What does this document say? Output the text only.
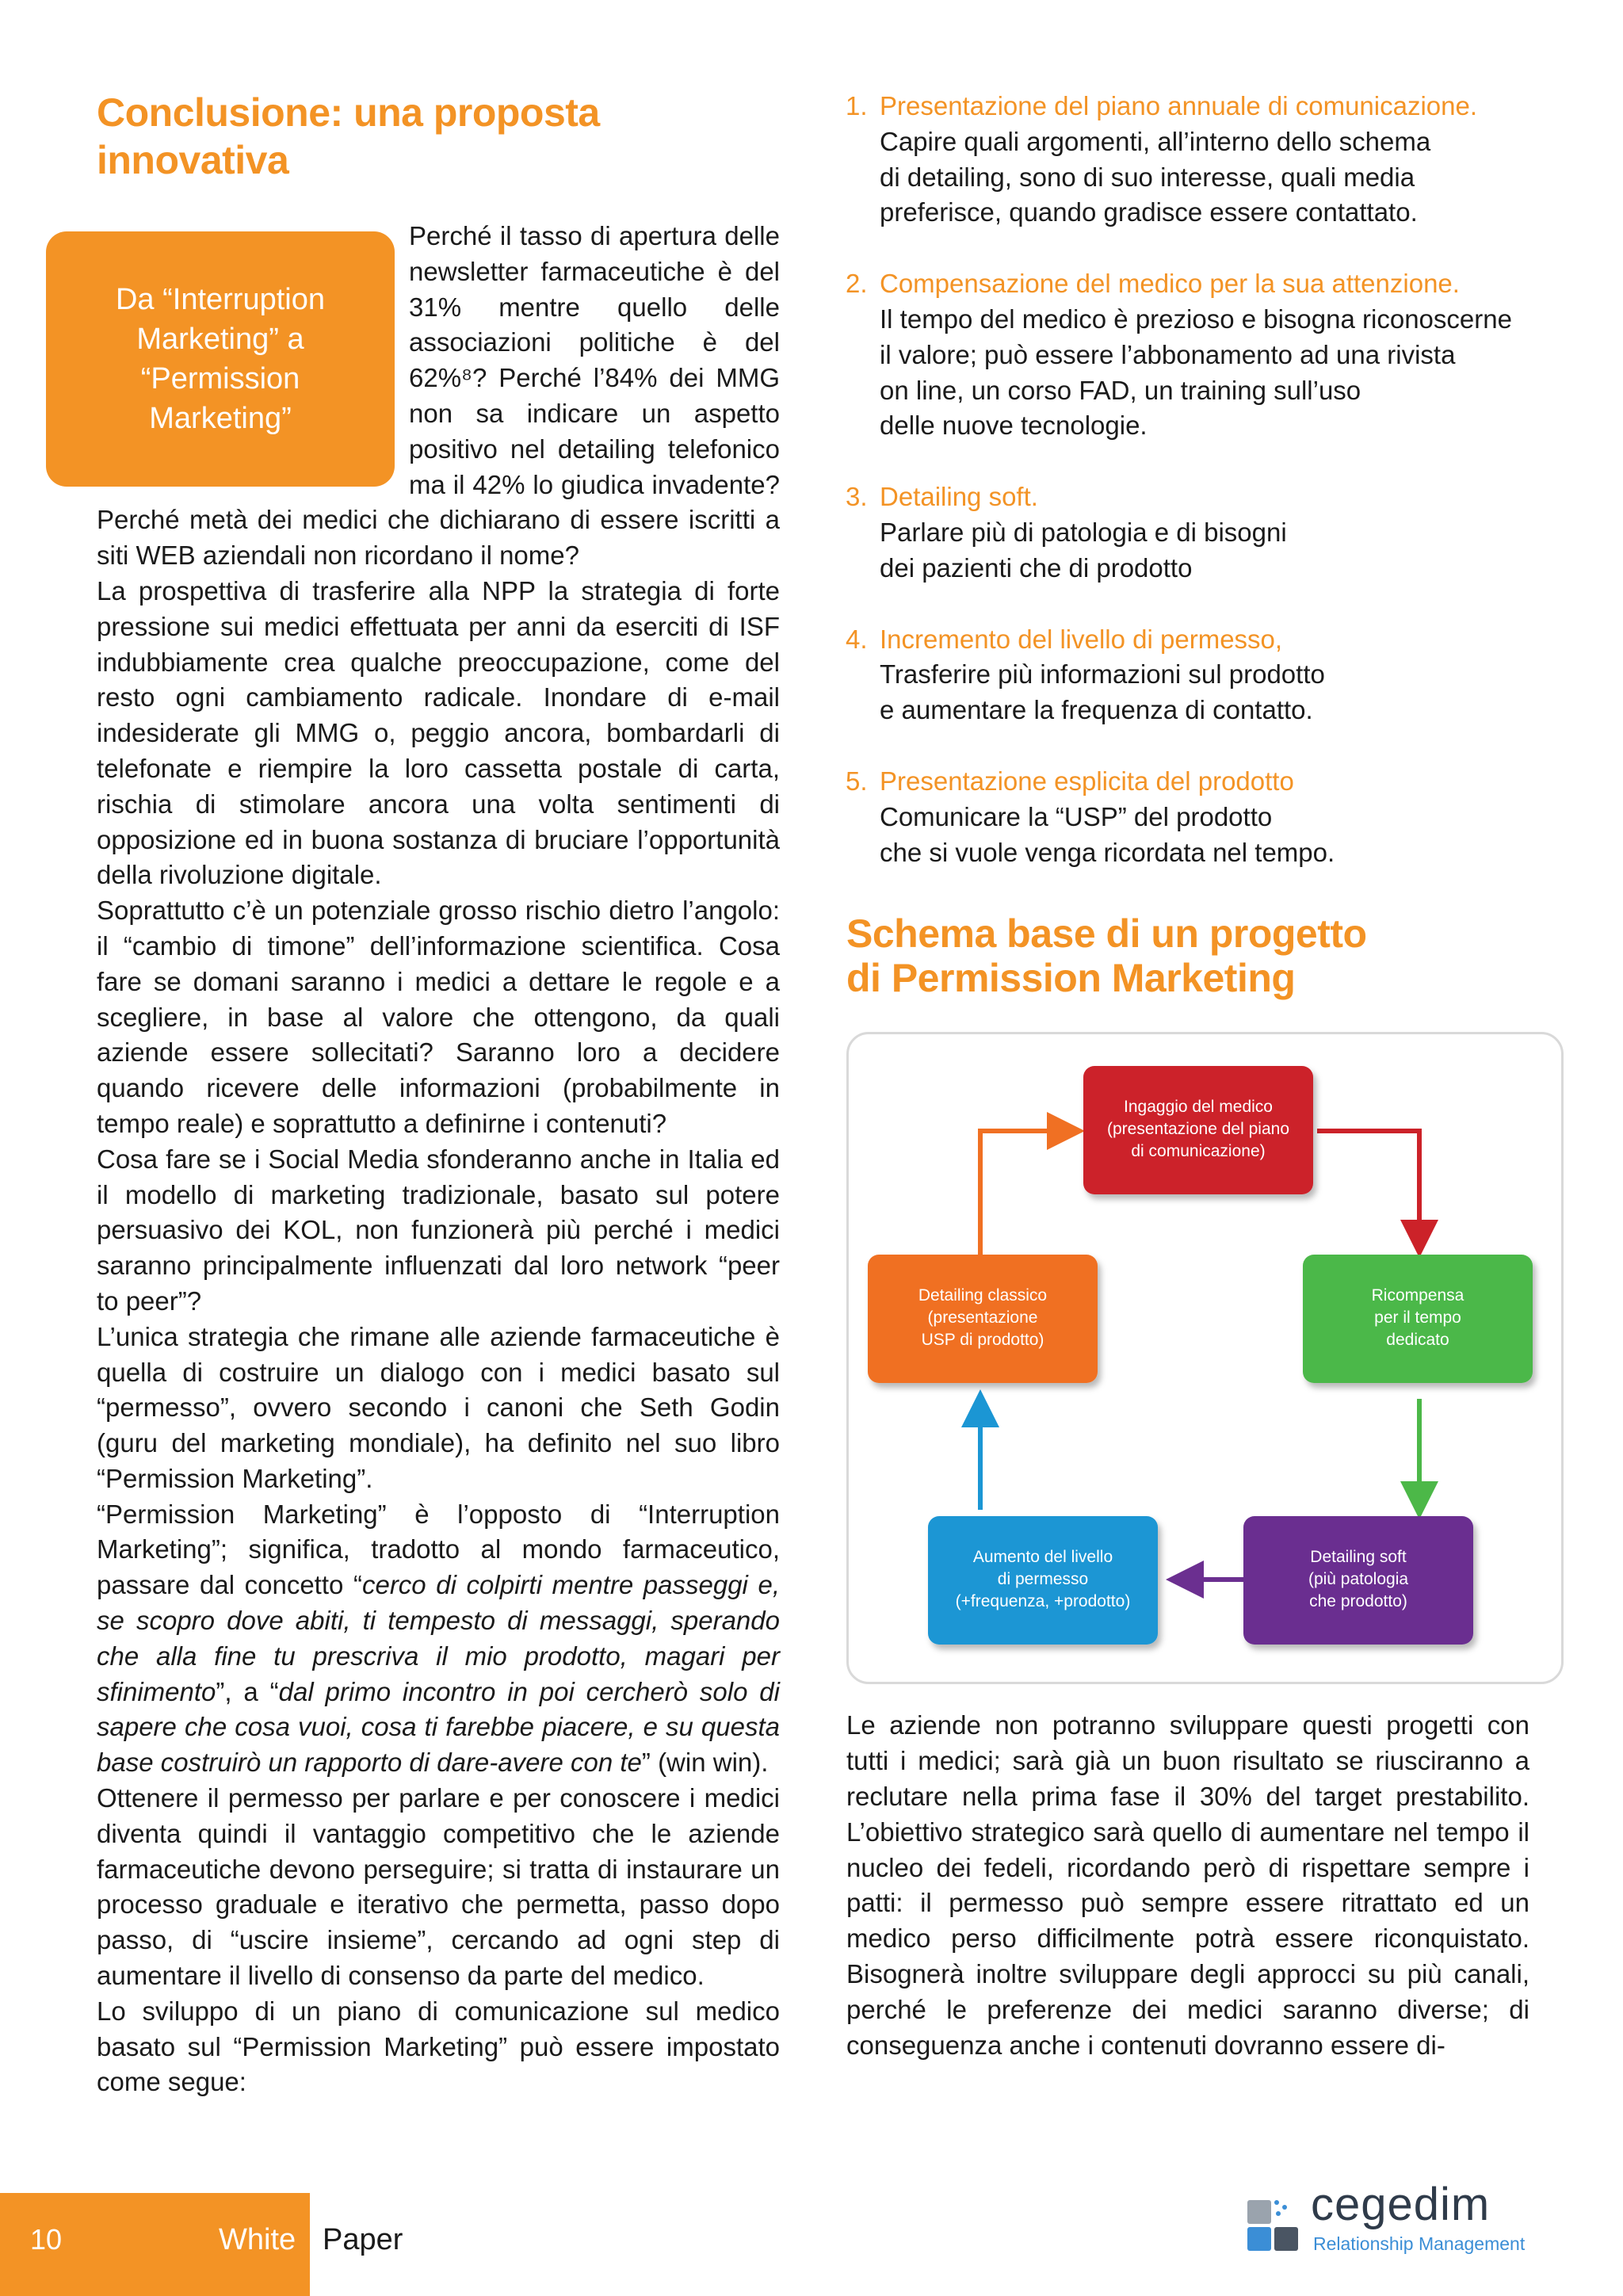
Conclusione: una proposta innovativa
Da “Interruption Marketing” a “Permission Marketing”

Perché il tasso di apertura delle newsletter farmaceutiche è del 31% mentre quello delle associazioni politiche è del 62%⁸? Perché l’84% dei MMG non sa indicare un aspetto positivo nel detailing telefonico ma il 42% lo giudica invadente? Perché metà dei medici che dichiarano di essere iscritti a siti WEB aziendali non ricordano il nome?

La prospettiva di trasferire alla NPP la strategia di forte pressione sui medici effettuata per anni da eserciti di ISF indubbiamente crea qualche preoccupazione, come del resto ogni cambiamento radicale. Inondare di e-mail indesiderate gli MMG o, peggio ancora, bombardarli di telefonate e riempire la loro cassetta postale di carta, rischia di stimolare ancora una volta sentimenti di opposizione ed in buona sostanza di bruciare l’opportunità della rivoluzione digitale.

Soprattutto c’è un potenziale grosso rischio dietro l’angolo: il “cambio di timone” dell’informazione scientifica. Cosa fare se domani saranno i medici a dettare le regole e a scegliere, in base al valore che ottengono, da quali aziende essere sollecitati? Saranno loro a decidere quando ricevere delle informazioni (probabilmente in tempo reale) e soprattutto a definirne i contenuti?

Cosa fare se i Social Media sfonderanno anche in Italia ed il modello di marketing tradizionale, basato sul potere persuasivo dei KOL, non funzionerà più perché i medici saranno principalmente influenzati dal loro network “peer to peer”?

L’unica strategia che rimane alle aziende farmaceutiche è quella di costruire un dialogo con i medici basato sul “permesso”, ovvero secondo i canoni che Seth Godin (guru del marketing mondiale), ha definito nel suo libro “Permission Marketing”.

“Permission Marketing” è l’opposto di “Interruption Marketing”; significa, tradotto al mondo farmaceutico, passare dal concetto “cerco di colpirti mentre passeggi e, se scopro dove abiti, ti tempesto di messaggi, sperando che alla fine tu prescriva il mio prodotto, magari per sfinimento”, a “dal primo incontro in poi cercherò solo di sapere che cosa vuoi, cosa ti farebbe piacere, e su questa base costruirò un rapporto di dare-avere con te” (win win).

Ottenere il permesso per parlare e per conoscere i medici diventa quindi il vantaggio competitivo che le aziende farmaceutiche devono perseguire; si tratta di instaurare un processo graduale e iterativo che permetta, passo dopo passo, di “uscire insieme”, cercando ad ogni step di aumentare il livello di consenso da parte del medico.

Lo sviluppo di un piano di comunicazione sul medico basato sul “Permission Marketing” può essere impostato come segue:

1. Presentazione del piano annuale di comunicazione.
Capire quali argomenti, all’interno dello schema
di detailing, sono di suo interesse, quali media
preferisce, quando gradisce essere contattato.
2. Compensazione del medico per la sua attenzione.
Il tempo del medico è prezioso e bisogna riconoscerne
il valore; può essere l’abbonamento ad una rivista
on line, un corso FAD, un training sull’uso
delle nuove tecnologie.
3. Detailing soft.
Parlare più di patologia e di bisogni
dei pazienti che di prodotto
4. Incremento del livello di permesso,
Trasferire più informazioni sul prodotto
e aumentare la frequenza di contatto.
5. Presentazione esplicita del prodotto
Comunicare la “USP” del prodotto
che si vuole venga ricordata nel tempo.
Schema base di un progetto
di Permission Marketing
Ingaggio del medico
(presentazione del piano
di comunicazione)
Ricompensa
per il tempo
dedicato
Detailing soft
(più patologia
che prodotto)
Aumento del livello
di permesso
(+frequenza, +prodotto)
Detailing classico
(presentazione
USP di prodotto)
Le aziende non potranno sviluppare questi progetti con tutti i medici; sarà già un buon risultato se riusciranno a reclutare nella prima fase il 30% del target prestabilito. L’obiettivo strategico sarà quello di aumentare nel tempo il nucleo dei fedeli, ricordando però di rispettare sempre i patti: il permesso può sempre essere ritrattato ed un medico perso difficilmente potrà essere riconquistato. Bisognerà inoltre sviluppare degli approcci su più canali, perché le preferenze dei medici saranno diverse; di conseguenza anche i contenuti dovranno essere di-
10	White Paper
cegedim
Relationship Management
